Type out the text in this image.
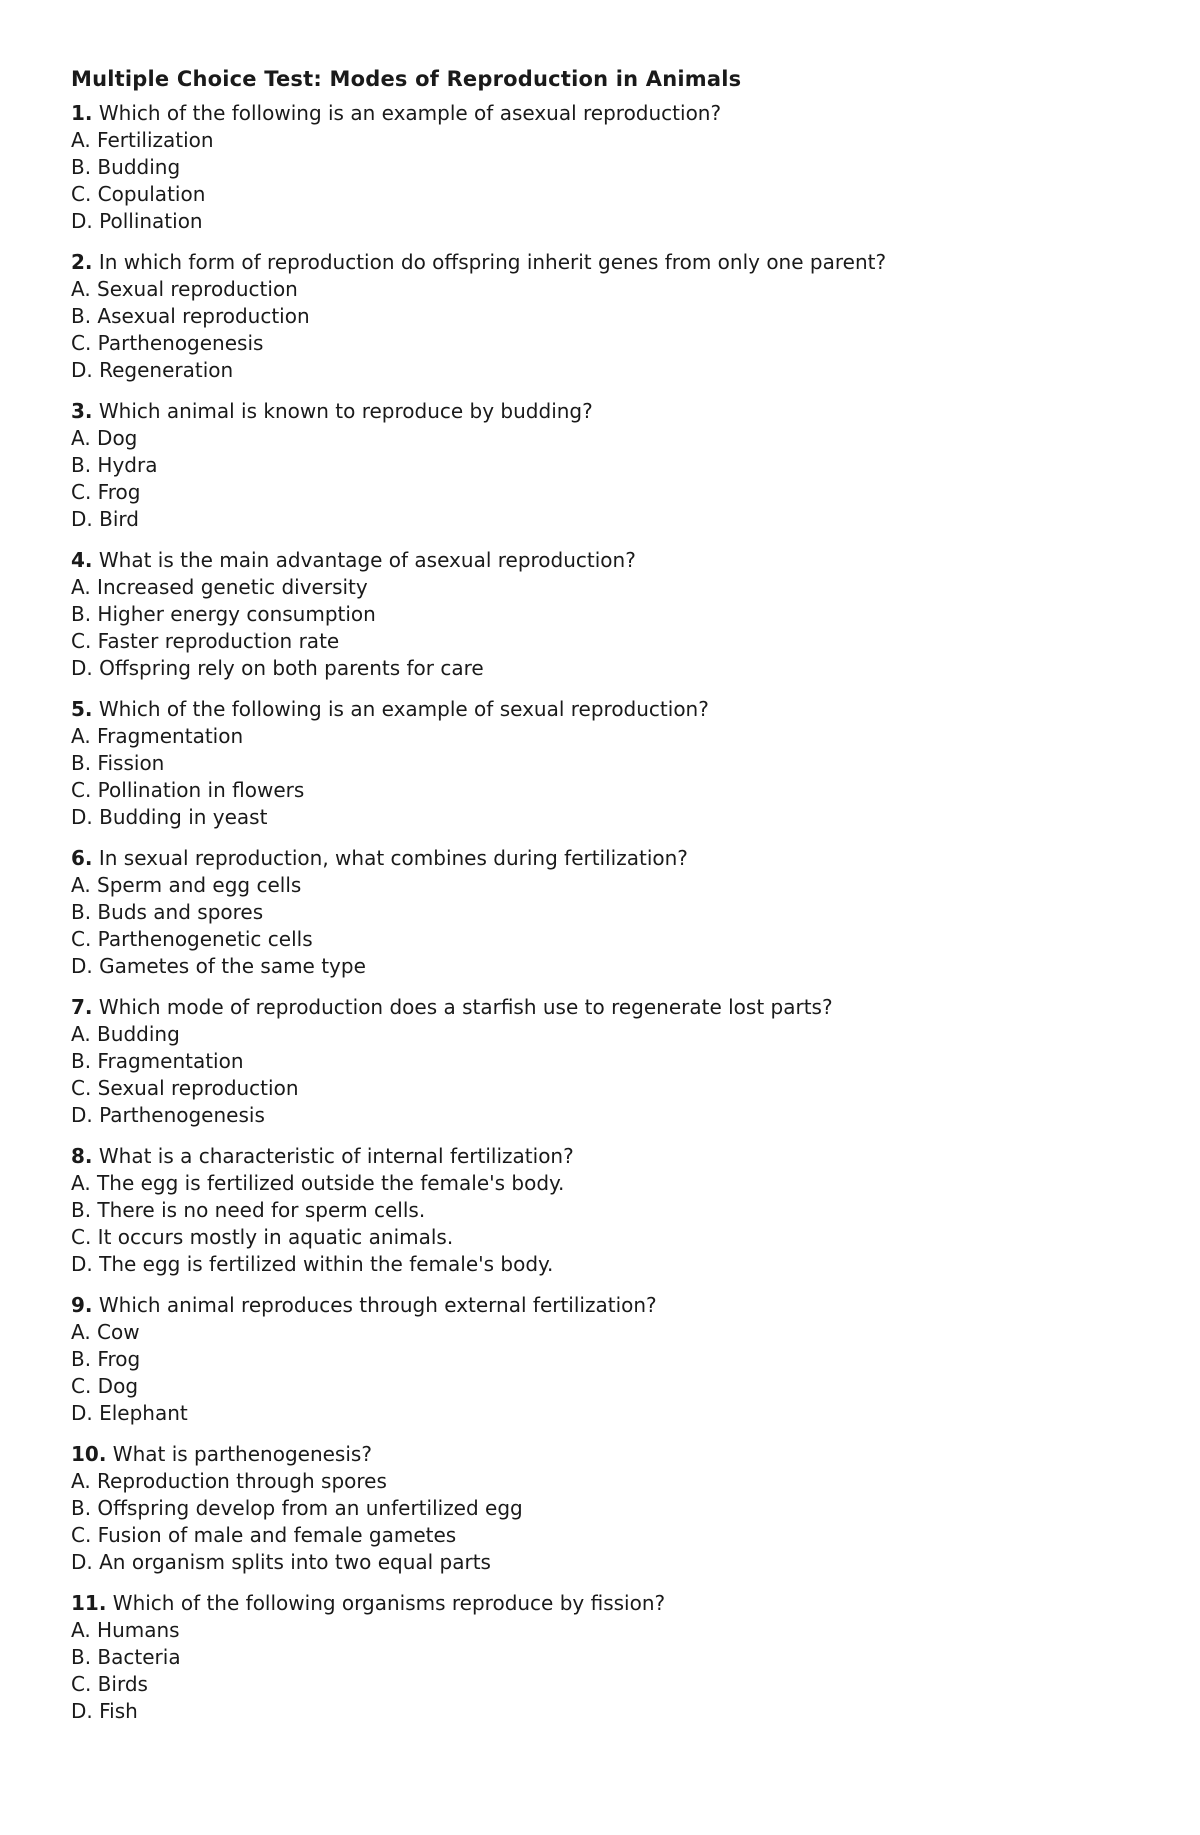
Multiple Choice Test: Modes of Reproduction in Animals
1. Which of the following is an example of asexual reproduction?
A. Fertilization
B. Budding
C. Copulation
D. Pollination
2. In which form of reproduction do offspring inherit genes from only one parent?
A. Sexual reproduction
B. Asexual reproduction
C. Parthenogenesis
D. Regeneration
3. Which animal is known to reproduce by budding?
A. Dog
B. Hydra
C. Frog
D. Bird
4. What is the main advantage of asexual reproduction?
A. Increased genetic diversity
B. Higher energy consumption
C. Faster reproduction rate
D. Offspring rely on both parents for care
5. Which of the following is an example of sexual reproduction?
A. Fragmentation
B. Fission
C. Pollination in flowers
D. Budding in yeast
6. In sexual reproduction, what combines during fertilization?
A. Sperm and egg cells
B. Buds and spores
C. Parthenogenetic cells
D. Gametes of the same type
7. Which mode of reproduction does a starfish use to regenerate lost parts?
A. Budding
B. Fragmentation
C. Sexual reproduction
D. Parthenogenesis
8. What is a characteristic of internal fertilization?
A. The egg is fertilized outside the female's body.
B. There is no need for sperm cells.
C. It occurs mostly in aquatic animals.
D. The egg is fertilized within the female's body.
9. Which animal reproduces through external fertilization?
A. Cow
B. Frog
C. Dog
D. Elephant
10. What is parthenogenesis?
A. Reproduction through spores
B. Offspring develop from an unfertilized egg
C. Fusion of male and female gametes
D. An organism splits into two equal parts
11. Which of the following organisms reproduce by fission?
A. Humans
B. Bacteria
C. Birds
D. Fish
